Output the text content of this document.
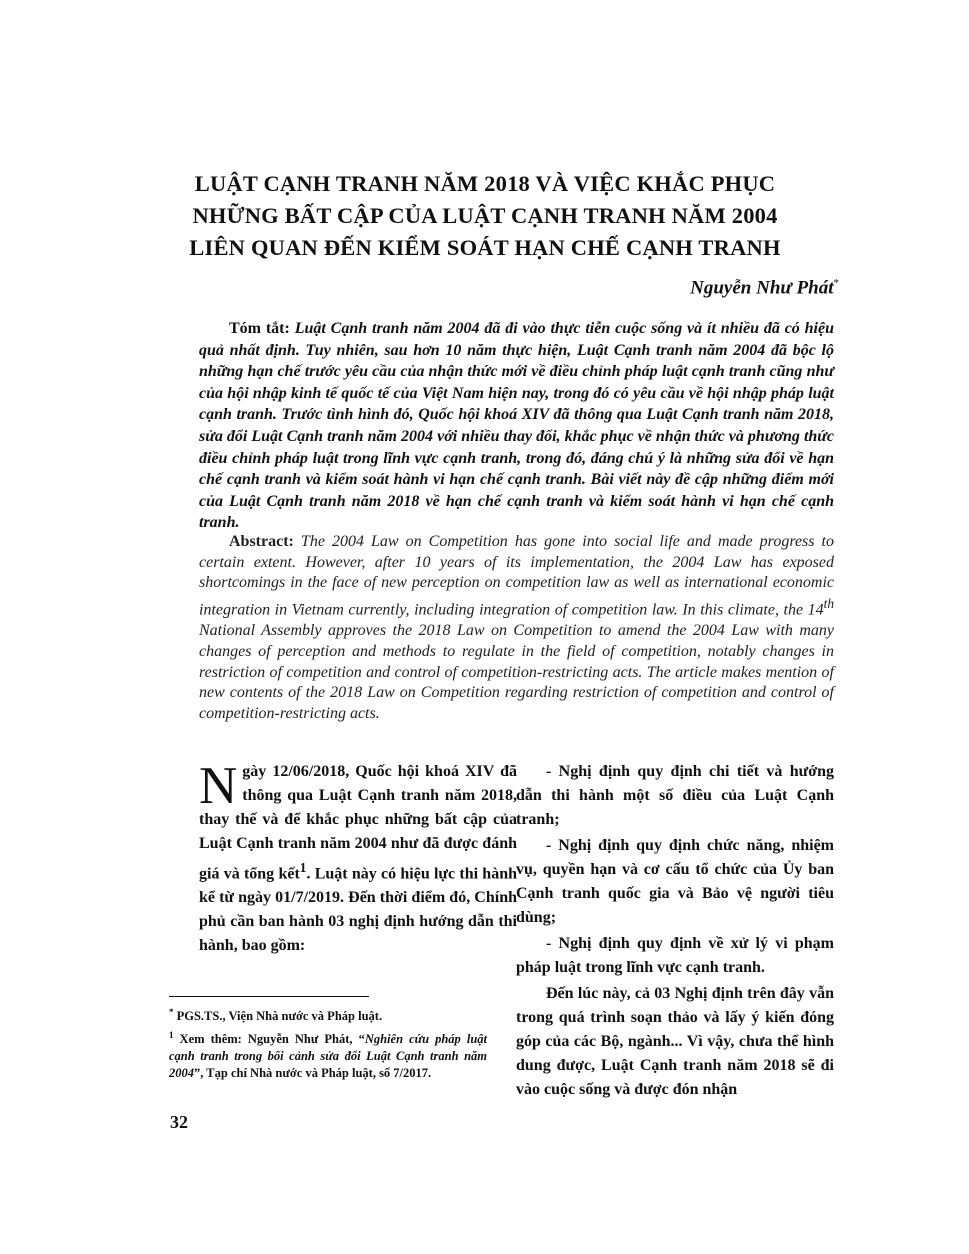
LUẬT CẠNH TRANH NĂM 2018 VÀ VIỆC KHẮC PHỤC
NHỮNG BẤT CẬP CỦA LUẬT CẠNH TRANH NĂM 2004
LIÊN QUAN ĐẾN KIỂM SOÁT HẠN CHẾ CẠNH TRANH

Nguyễn Như Phát*

Tóm tắt: Luật Cạnh tranh năm 2004 đã đi vào thực tiễn cuộc sống và ít nhiều đã có hiệu quả nhất định. Tuy nhiên, sau hơn 10 năm thực hiện, Luật Cạnh tranh năm 2004 đã bộc lộ những hạn chế trước yêu cầu của nhận thức mới về điều chỉnh pháp luật cạnh tranh cũng như của hội nhập kinh tế quốc tế của Việt Nam hiện nay, trong đó có yêu cầu về hội nhập pháp luật cạnh tranh. Trước tình hình đó, Quốc hội khoá XIV đã thông qua Luật Cạnh tranh năm 2018, sửa đổi Luật Cạnh tranh năm 2004 với nhiều thay đổi, khắc phục về nhận thức và phương thức điều chỉnh pháp luật trong lĩnh vực cạnh tranh, trong đó, đáng chú ý là những sửa đổi về hạn chế cạnh tranh và kiểm soát hành vi hạn chế cạnh tranh. Bài viết này đề cập những điểm mới của Luật Cạnh tranh năm 2018 về hạn chế cạnh tranh và kiểm soát hành vi hạn chế cạnh tranh.

Abstract: The 2004 Law on Competition has gone into social life and made progress to certain extent. However, after 10 years of its implementation, the 2004 Law has exposed shortcomings in the face of new perception on competition law as well as international economic integration in Vietnam currently, including integration of competition law. In this climate, the 14th National Assembly approves the 2018 Law on Competition to amend the 2004 Law with many changes of perception and methods to regulate in the field of competition, notably changes in restriction of competition and control of competition-restricting acts. The article makes mention of new contents of the 2018 Law on Competition regarding restriction of competition and control of competition-restricting acts.

Ngày 12/06/2018, Quốc hội khoá XIV đã thông qua Luật Cạnh tranh năm 2018, thay thế và để khắc phục những bất cập của Luật Cạnh tranh năm 2004 như đã được đánh giá và tổng kết$^1$. Luật này có hiệu lực thi hành kể từ ngày 01/7/2019. Đến thời điểm đó, Chính phủ cần ban hành 03 nghị định hướng dẫn thi hành, bao gồm:

- Nghị định quy định chi tiết và hướng dẫn thi hành một số điều của Luật Cạnh tranh;

- Nghị định quy định chức năng, nhiệm vụ, quyền hạn và cơ cấu tổ chức của Ủy ban Cạnh tranh quốc gia và Bảo vệ người tiêu dùng;

- Nghị định quy định về xử lý vi phạm pháp luật trong lĩnh vực cạnh tranh.

Đến lúc này, cả 03 Nghị định trên đây vẫn trong quá trình soạn thảo và lấy ý kiến đóng góp của các Bộ, ngành... Vì vậy, chưa thể hình dung được, Luật Cạnh tranh năm 2018 sẽ đi vào cuộc sống và được đón nhận

* PGS.TS., Viện Nhà nước và Pháp luật.

$^1$ Xem thêm: Nguyễn Như Phát, “Nghiên cứu pháp luật cạnh tranh trong bối cảnh sửa đổi Luật Cạnh tranh năm 2004”, Tạp chí Nhà nước và Pháp luật, số 7/2017.

32
